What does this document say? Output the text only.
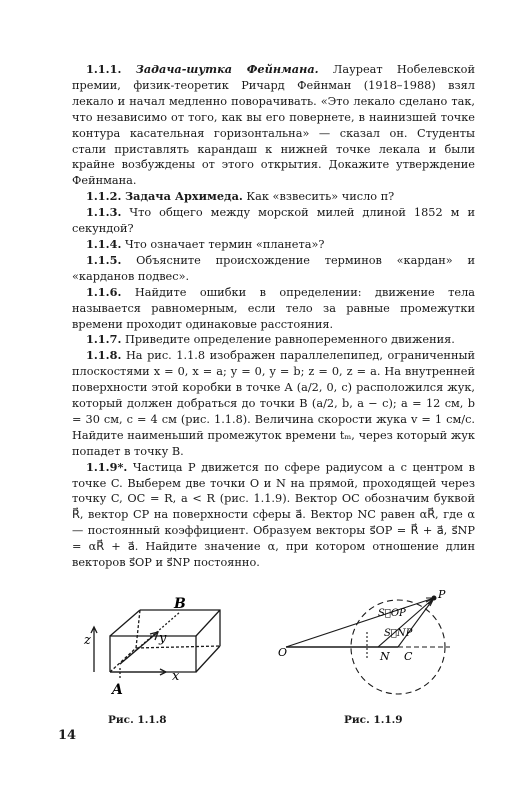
1.1.1. Задача-шутка Фейнмана. Лауреат Нобелевской премии, физик-теоретик Ричард Фейнман (1918–1988) взял лекало и начал медленно поворачивать. «Это лекало сделано так, что независимо от того, как вы его повернете, в наинизшей точке контура касательная горизонтальна» — сказал он. Студенты стали приставлять карандаш к нижней точке лекала и были крайне возбуждены от этого открытия. Докажите утверждение Фейнмана.

1.1.2. Задача Архимеда. Как «взвесить» число π?

1.1.3. Что общего между морской милей длиной 1852 м и секундой?

1.1.4. Что означает термин «планета»?

1.1.5. Объясните происхождение терминов «кардан» и «карданов подвес».

1.1.6. Найдите ошибки в определении: движение тела называется равномерным, если тело за равные промежутки времени проходит одинаковые расстояния.

1.1.7. Приведите определение равнопеременного движения.

1.1.8. На рис. 1.1.8 изображен параллелепипед, ограниченный плоскостями x = 0, x = a; y = 0, y = b; z = 0, z = a. На внутренней поверхности этой коробки в точке A (a/2, 0, c) расположился жук, который должен добраться до точки B (a/2, b, a − c); a = 12 см, b = 30 см, c = 4 см (рис. 1.1.8). Величина скорости жука v = 1 см/с. Найдите наименьший промежуток времени tₘ, через который жук попадет в точку B.

1.1.9*. Частица P движется по сфере радиусом a с центром в точке C. Выберем две точки O и N на прямой, проходящей через точку C, OC = R, a < R (рис. 1.1.9). Вектор OC обозначим буквой R⃗, вектор CP на поверхности сферы a⃗. Вектор NC равен αR⃗, где α — постоянный коэффициент. Образуем векторы s⃗OP = R⃗ + a⃗, s⃗NP = αR⃗ + a⃗. Найдите значение α, при котором отношение длин векторов s⃗OP и s⃗NP постоянно.

z	y
x
A
B
Рис. 1.1.8
O	N C
P
S⃗OP
S⃗NP
Рис. 1.1.9
14
